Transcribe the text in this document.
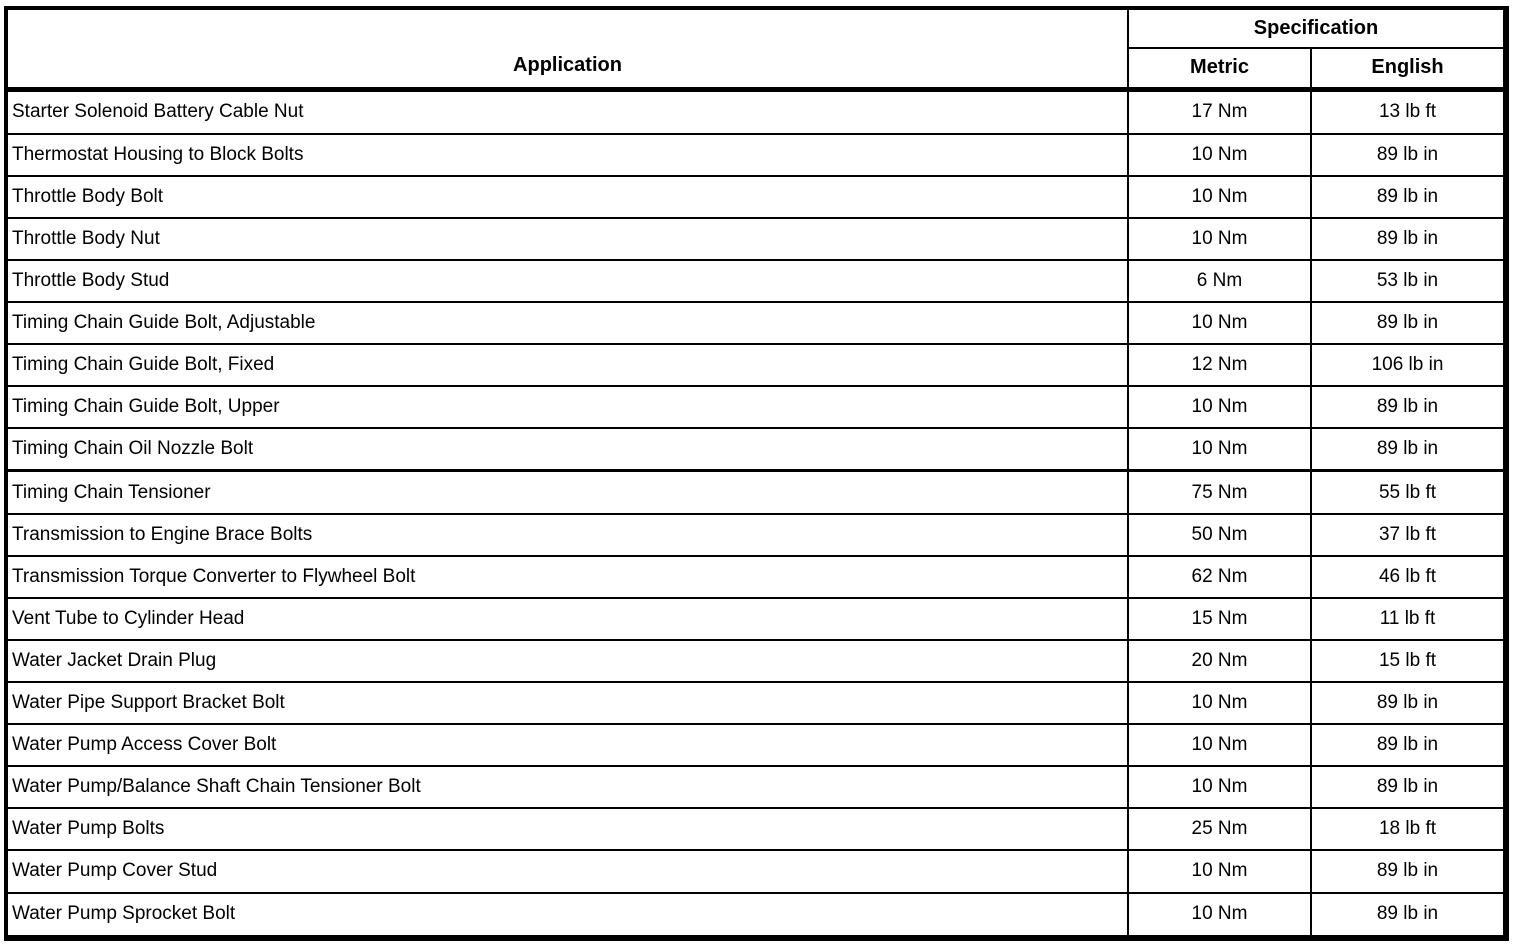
Application	Specification	
	Metric	English
Starter Solenoid Battery Cable Nut	17 Nm	13 lb ft
Thermostat Housing to Block Bolts	10 Nm	89 lb in
Throttle Body Bolt	10 Nm	89 lb in
Throttle Body Nut	10 Nm	89 lb in
Throttle Body Stud	6 Nm	53 lb in
Timing Chain Guide Bolt, Adjustable	10 Nm	89 lb in
Timing Chain Guide Bolt, Fixed	12 Nm	106 lb in
Timing Chain Guide Bolt, Upper	10 Nm	89 lb in
Timing Chain Oil Nozzle Bolt	10 Nm	89 lb in
Timing Chain Tensioner	75 Nm	55 lb ft
Transmission to Engine Brace Bolts	50 Nm	37 lb ft
Transmission Torque Converter to Flywheel Bolt	62 Nm	46 lb ft
Vent Tube to Cylinder Head	15 Nm	11 lb ft
Water Jacket Drain Plug	20 Nm	15 lb ft
Water Pipe Support Bracket Bolt	10 Nm	89 lb in
Water Pump Access Cover Bolt	10 Nm	89 lb in
Water Pump/Balance Shaft Chain Tensioner Bolt	10 Nm	89 lb in
Water Pump Bolts	25 Nm	18 lb ft
Water Pump Cover Stud	10 Nm	89 lb in
Water Pump Sprocket Bolt	10 Nm	89 lb in
